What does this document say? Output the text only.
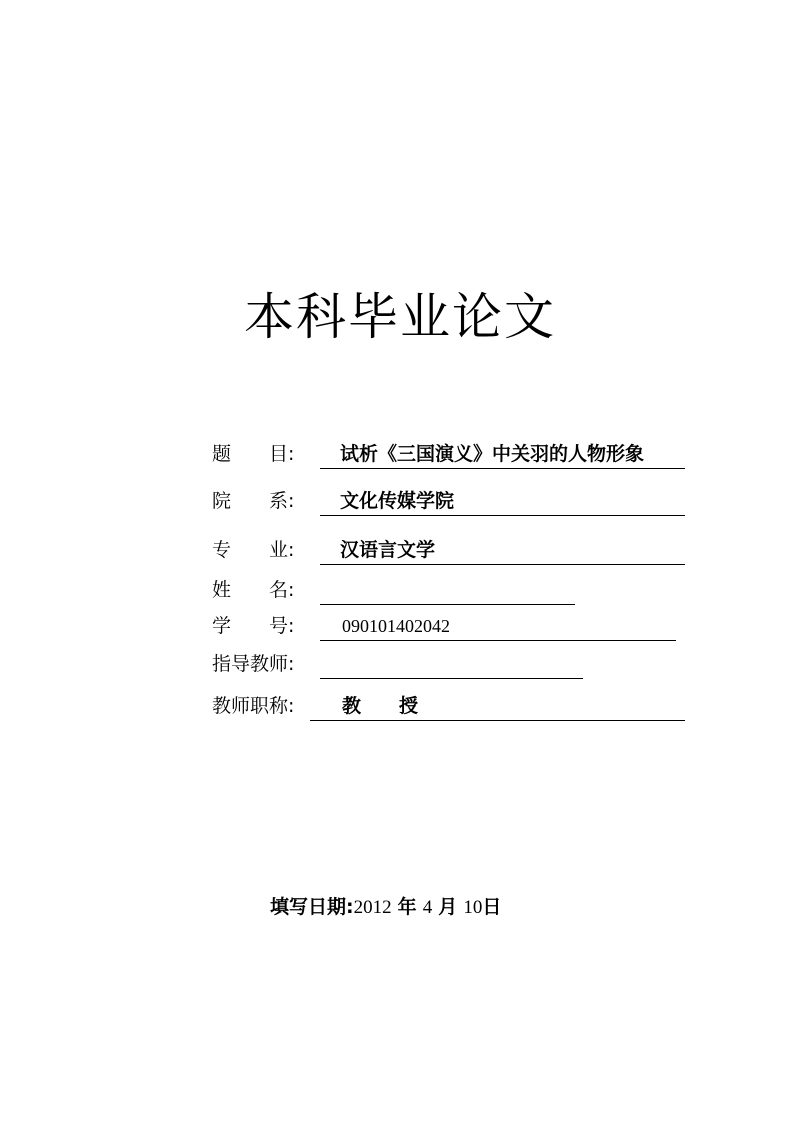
本科毕业论文
题　　目: 试析《三国演义》中关羽的人物形象
院　　系: 文化传媒学院
专　　业: 汉语言文学
姓　　名:
学　　号:	090101402042
指导教师:
教师职称:	教　　授
填写日期:2012 年 4 月 10日
